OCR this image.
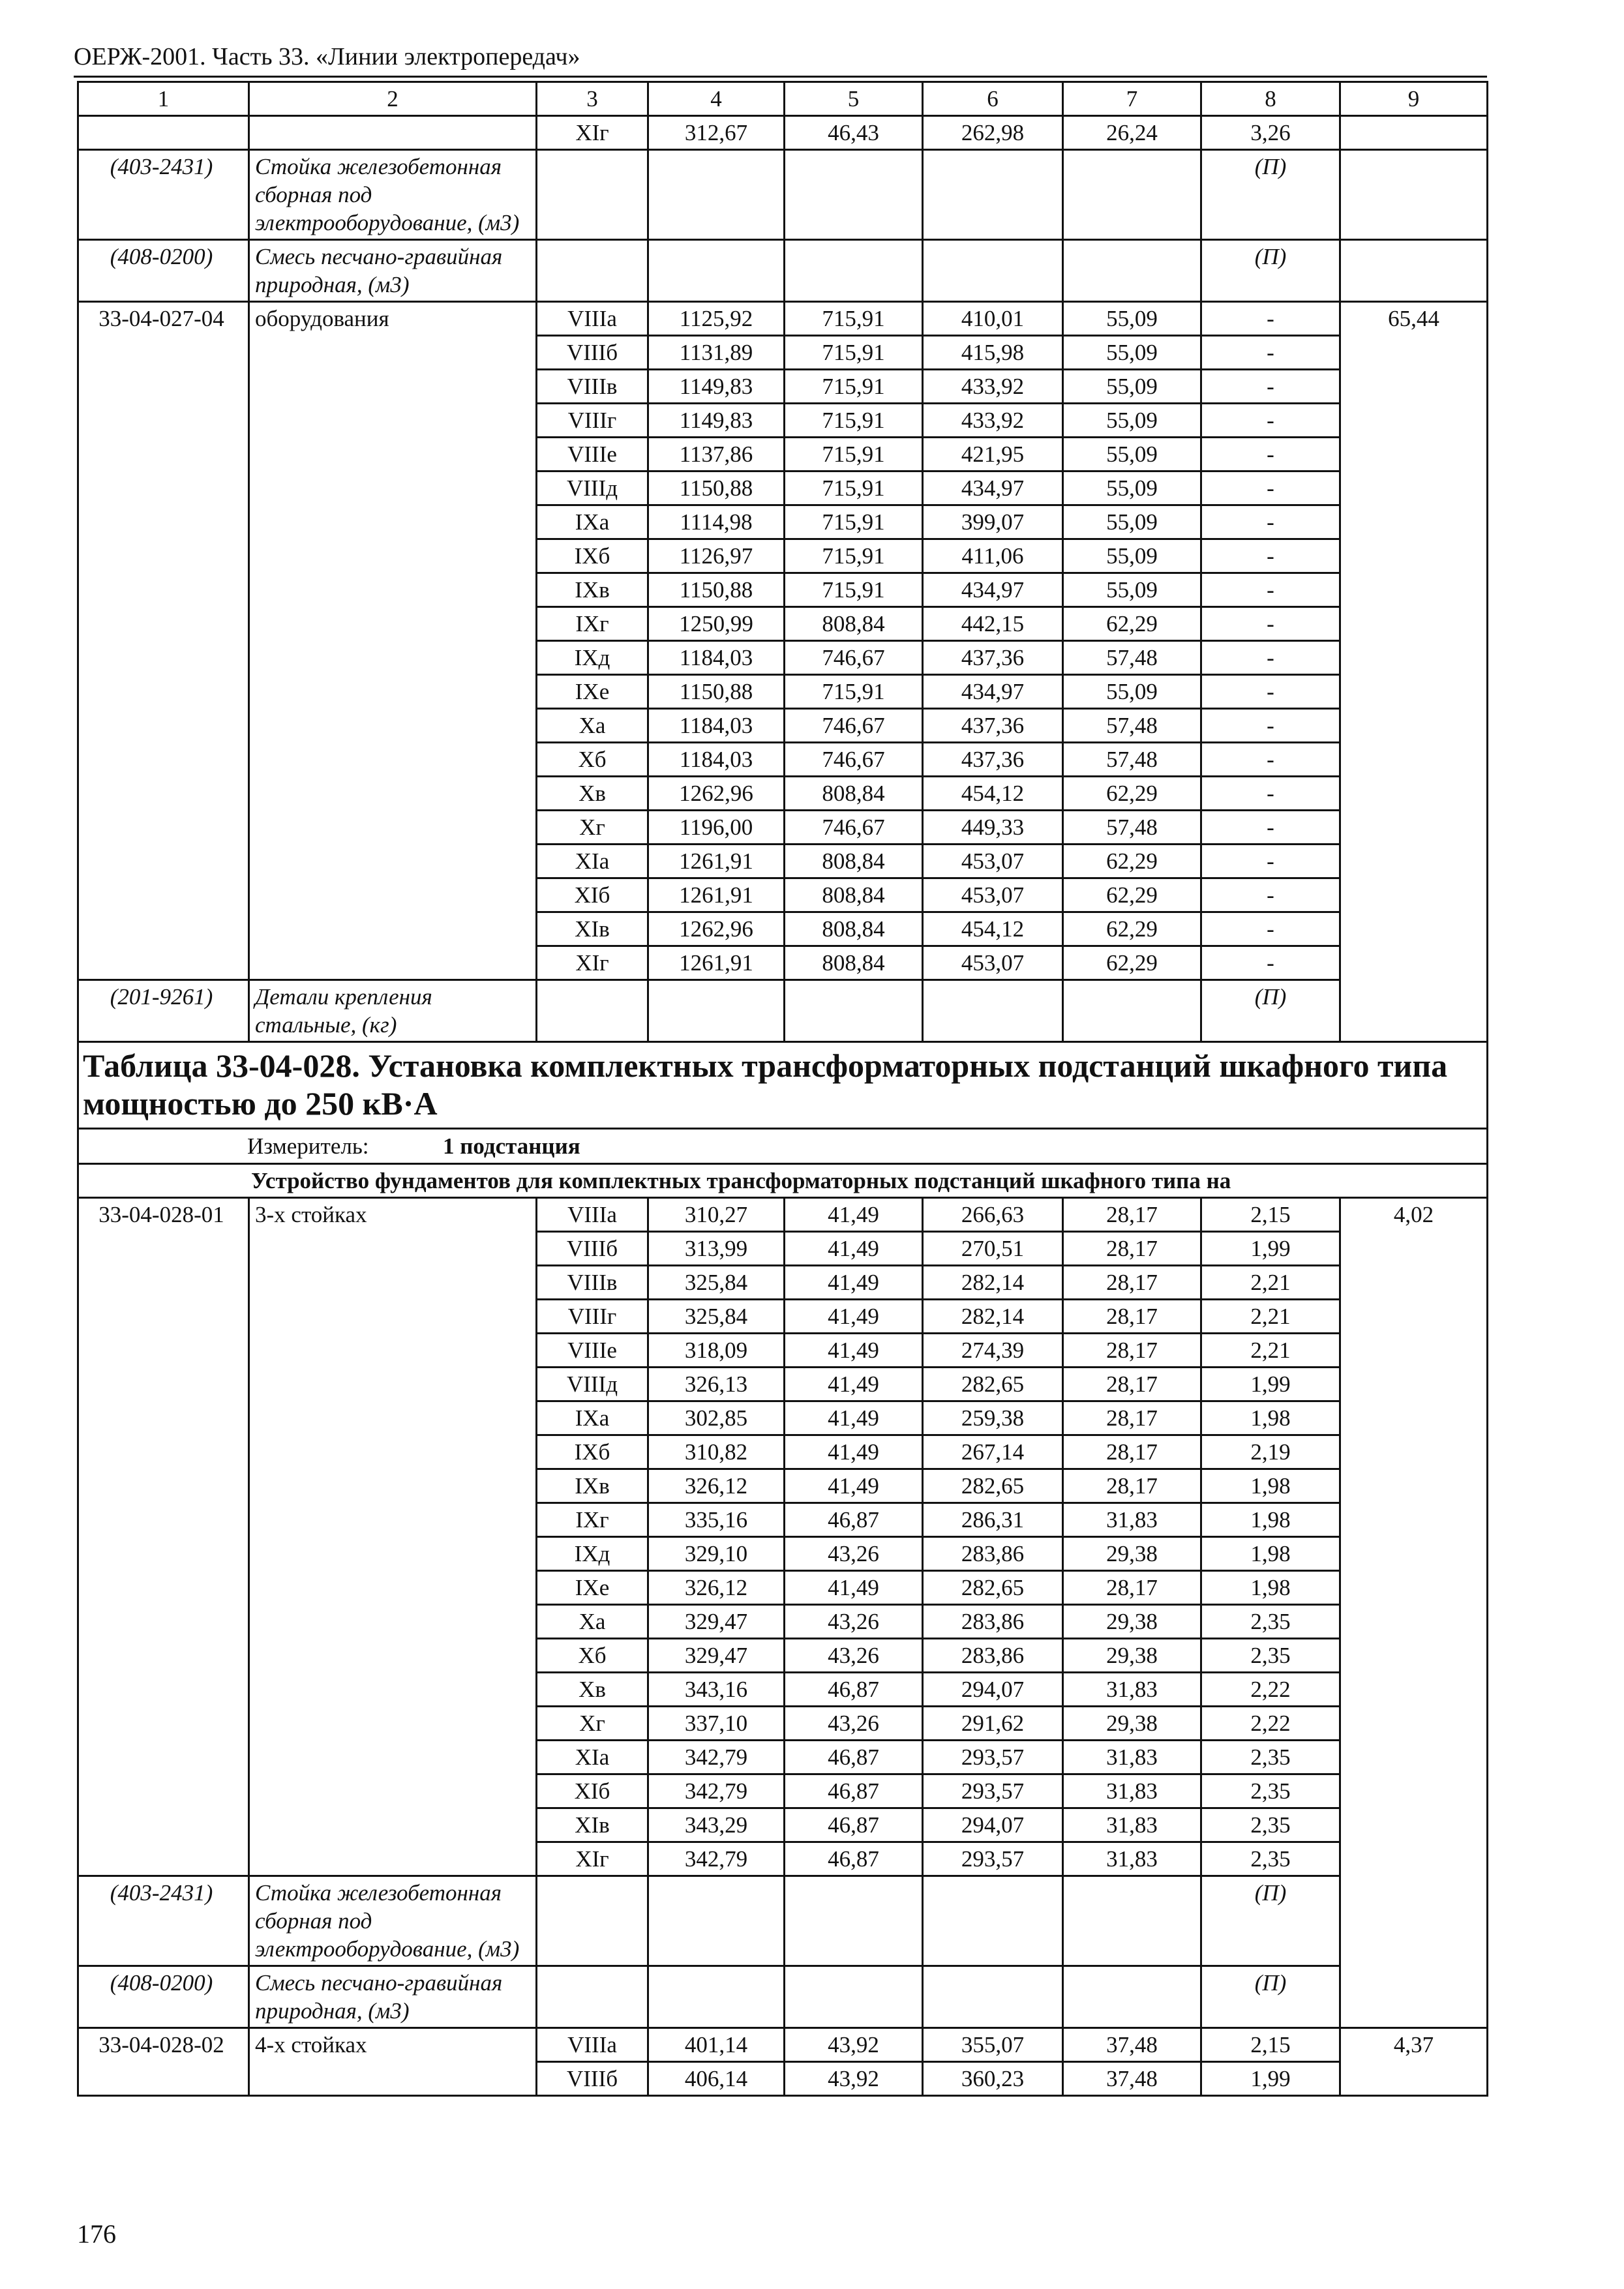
ОЕРЖ-2001. Часть 33. «Линии электропередач»
1	2	3	4	5	6	7	8	9
		XIг	312,67	46,43	262,98	26,24	3,26	
(403-2431)	Стойка железобетонная сборная под электрооборудование, (м3)						(П)	
(408-0200)	Смесь песчано-гравийная природная, (м3)						(П)	
33-04-027-04	оборудования	VIIIа	1125,92	715,91	410,01	55,09	-	65,44
		VIIIб	1131,89	715,91	415,98	55,09	-	
		VIIIв	1149,83	715,91	433,92	55,09	-	
		VIIIг	1149,83	715,91	433,92	55,09	-	
		VIIIе	1137,86	715,91	421,95	55,09	-	
		VIIIд	1150,88	715,91	434,97	55,09	-	
		IXа	1114,98	715,91	399,07	55,09	-	
		IXб	1126,97	715,91	411,06	55,09	-	
		IXв	1150,88	715,91	434,97	55,09	-	
		IXг	1250,99	808,84	442,15	62,29	-	
		IXд	1184,03	746,67	437,36	57,48	-	
		IXе	1150,88	715,91	434,97	55,09	-	
		Xа	1184,03	746,67	437,36	57,48	-	
		Xб	1184,03	746,67	437,36	57,48	-	
		Xв	1262,96	808,84	454,12	62,29	-	
		Xг	1196,00	746,67	449,33	57,48	-	
		XIа	1261,91	808,84	453,07	62,29	-	
		XIб	1261,91	808,84	453,07	62,29	-	
		XIв	1262,96	808,84	454,12	62,29	-	
		XIг	1261,91	808,84	453,07	62,29	-	
(201-9261)	Детали крепления стальные, (кг)						(П)	
Таблица 33-04-028. Установка комплектных трансформаторных подстанций шкафного типа мощностью до 250 кВ·А								
Измеритель: 1 подстанция								
Устройство фундаментов для комплектных трансформаторных подстанций шкафного типа на								
33-04-028-01	3-х стойках	VIIIа	310,27	41,49	266,63	28,17	2,15	4,02
		VIIIб	313,99	41,49	270,51	28,17	1,99	
		VIIIв	325,84	41,49	282,14	28,17	2,21	
		VIIIг	325,84	41,49	282,14	28,17	2,21	
		VIIIе	318,09	41,49	274,39	28,17	2,21	
		VIIIд	326,13	41,49	282,65	28,17	1,99	
		IXа	302,85	41,49	259,38	28,17	1,98	
		IXб	310,82	41,49	267,14	28,17	2,19	
		IXв	326,12	41,49	282,65	28,17	1,98	
		IXг	335,16	46,87	286,31	31,83	1,98	
		IXд	329,10	43,26	283,86	29,38	1,98	
		IXе	326,12	41,49	282,65	28,17	1,98	
		Xа	329,47	43,26	283,86	29,38	2,35	
		Xб	329,47	43,26	283,86	29,38	2,35	
		Xв	343,16	46,87	294,07	31,83	2,22	
		Xг	337,10	43,26	291,62	29,38	2,22	
		XIа	342,79	46,87	293,57	31,83	2,35	
		XIб	342,79	46,87	293,57	31,83	2,35	
		XIв	343,29	46,87	294,07	31,83	2,35	
		XIг	342,79	46,87	293,57	31,83	2,35	
(403-2431)	Стойка железобетонная сборная под электрооборудование, (м3)						(П)	
(408-0200)	Смесь песчано-гравийная природная, (м3)						(П)	
33-04-028-02	4-х стойках	VIIIа	401,14	43,92	355,07	37,48	2,15	4,37
		VIIIб	406,14	43,92	360,23	37,48	1,99	
176
